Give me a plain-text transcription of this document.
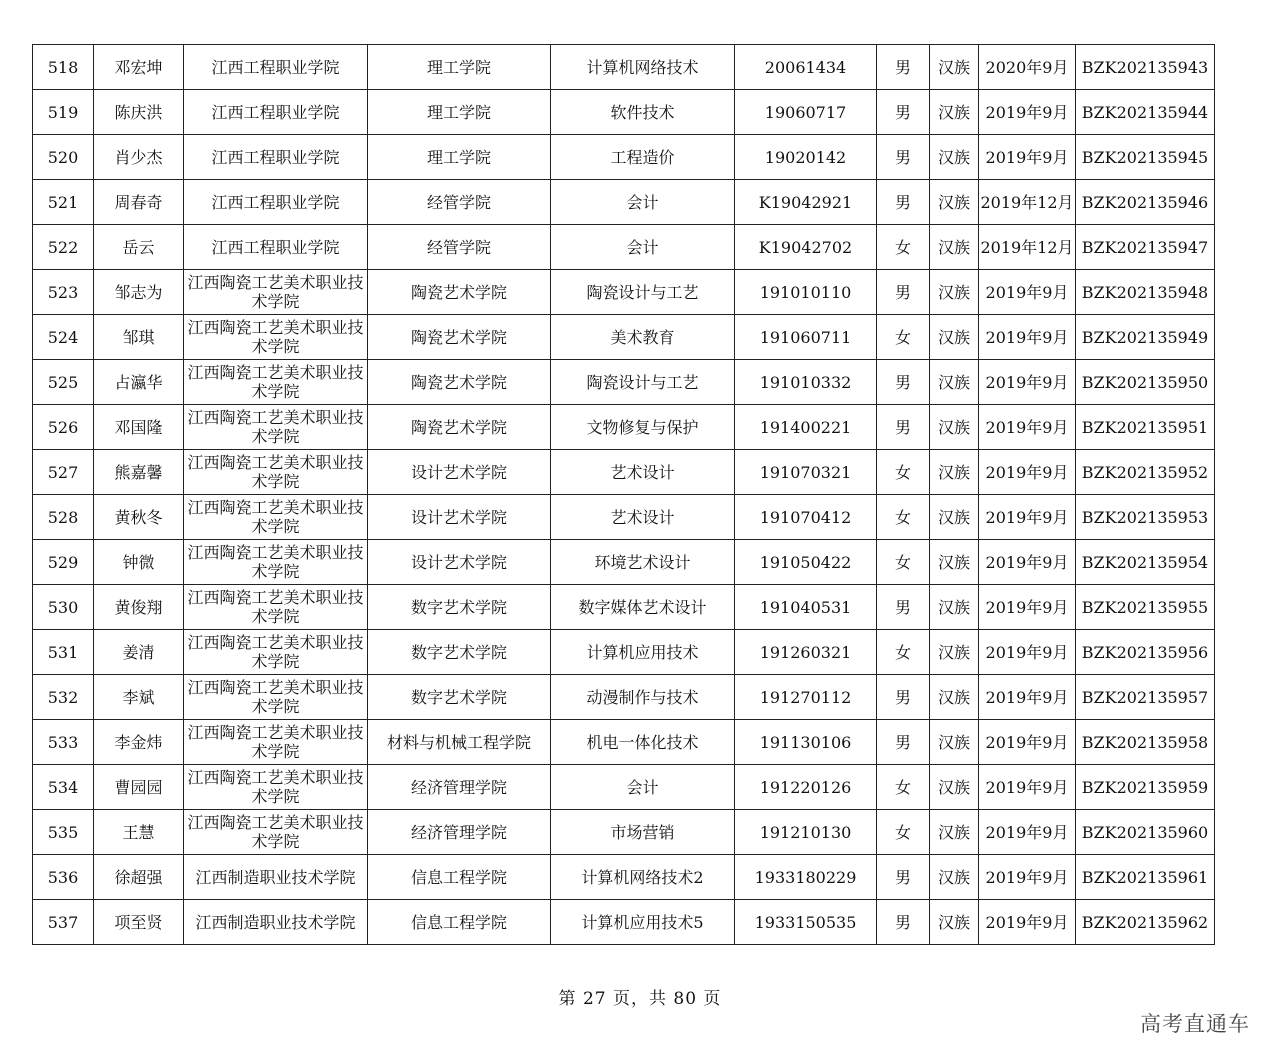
518	邓宏坤	江西工程职业学院	理工学院	计算机网络技术	20061434	男	汉族	2020年9月	BZK202135943
519	陈庆洪	江西工程职业学院	理工学院	软件技术	19060717	男	汉族	2019年9月	BZK202135944
520	肖少杰	江西工程职业学院	理工学院	工程造价	19020142	男	汉族	2019年9月	BZK202135945
521	周春奇	江西工程职业学院	经管学院	会计	K19042921	男	汉族	2019年12月	BZK202135946
522	岳云	江西工程职业学院	经管学院	会计	K19042702	女	汉族	2019年12月	BZK202135947
523	邹志为	江西陶瓷工艺美术职业技术学院	陶瓷艺术学院	陶瓷设计与工艺	191010110	男	汉族	2019年9月	BZK202135948
524	邹琪	江西陶瓷工艺美术职业技术学院	陶瓷艺术学院	美术教育	191060711	女	汉族	2019年9月	BZK202135949
525	占瀛华	江西陶瓷工艺美术职业技术学院	陶瓷艺术学院	陶瓷设计与工艺	191010332	男	汉族	2019年9月	BZK202135950
526	邓国隆	江西陶瓷工艺美术职业技术学院	陶瓷艺术学院	文物修复与保护	191400221	男	汉族	2019年9月	BZK202135951
527	熊嘉馨	江西陶瓷工艺美术职业技术学院	设计艺术学院	艺术设计	191070321	女	汉族	2019年9月	BZK202135952
528	黄秋冬	江西陶瓷工艺美术职业技术学院	设计艺术学院	艺术设计	191070412	女	汉族	2019年9月	BZK202135953
529	钟微	江西陶瓷工艺美术职业技术学院	设计艺术学院	环境艺术设计	191050422	女	汉族	2019年9月	BZK202135954
530	黄俊翔	江西陶瓷工艺美术职业技术学院	数字艺术学院	数字媒体艺术设计	191040531	男	汉族	2019年9月	BZK202135955
531	姜清	江西陶瓷工艺美术职业技术学院	数字艺术学院	计算机应用技术	191260321	女	汉族	2019年9月	BZK202135956
532	李斌	江西陶瓷工艺美术职业技术学院	数字艺术学院	动漫制作与技术	191270112	男	汉族	2019年9月	BZK202135957
533	李金炜	江西陶瓷工艺美术职业技术学院	材料与机械工程学院	机电一体化技术	191130106	男	汉族	2019年9月	BZK202135958
534	曹园园	江西陶瓷工艺美术职业技术学院	经济管理学院	会计	191220126	女	汉族	2019年9月	BZK202135959
535	王慧	江西陶瓷工艺美术职业技术学院	经济管理学院	市场营销	191210130	女	汉族	2019年9月	BZK202135960
536	徐超强	江西制造职业技术学院	信息工程学院	计算机网络技术2	1933180229	男	汉族	2019年9月	BZK202135961
537	项至贤	江西制造职业技术学院	信息工程学院	计算机应用技术5	1933150535	男	汉族	2019年9月	BZK202135962
第 27 页，共 80 页
高考直通车
